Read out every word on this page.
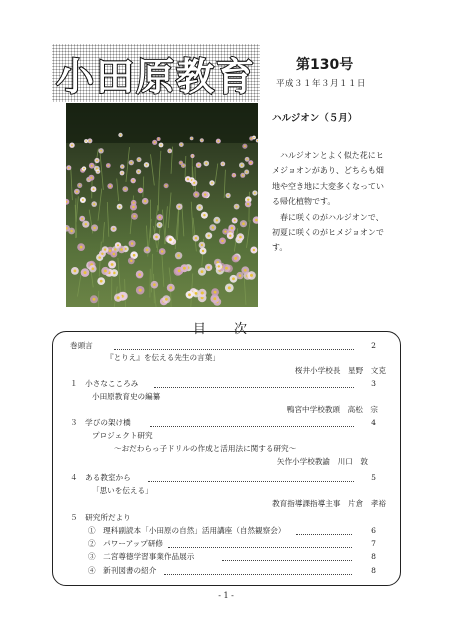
小田原教育	第130号
平成３１年３月１１日
ハルジオン（５月）

ハルジオンとよく似た花にヒメジョオンがあり、どちらも畑地や空き地に大変多くなっている帰化植物です。

春に咲くのがハルジオンで、初夏に咲くのがヒメジョオンです。

目 次
巻頭言	2
『とりえ』を伝える先生の言葉」
桜井小学校長　星野　文克
１　小さなこころみ	3
小田原教育史の編纂
鴨宮中学校教頭　高松　宗
３　学びの架け橋	4
プロジェクト研究
～おだわらっ子ドリルの作成と活用法に関する研究～
矢作小学校教諭　川口　敦
４　ある教室から	5
「思いを伝える」
教育指導課指導主事　片倉　孝裕
５　研究所だより
①　理科副読本「小田原の自然」活用講座（自然観察会）	6
②　パワーアップ研修	7
③　二宮尊徳学習事業作品展示	8
④　新刊図書の紹介	8
- 1 -
